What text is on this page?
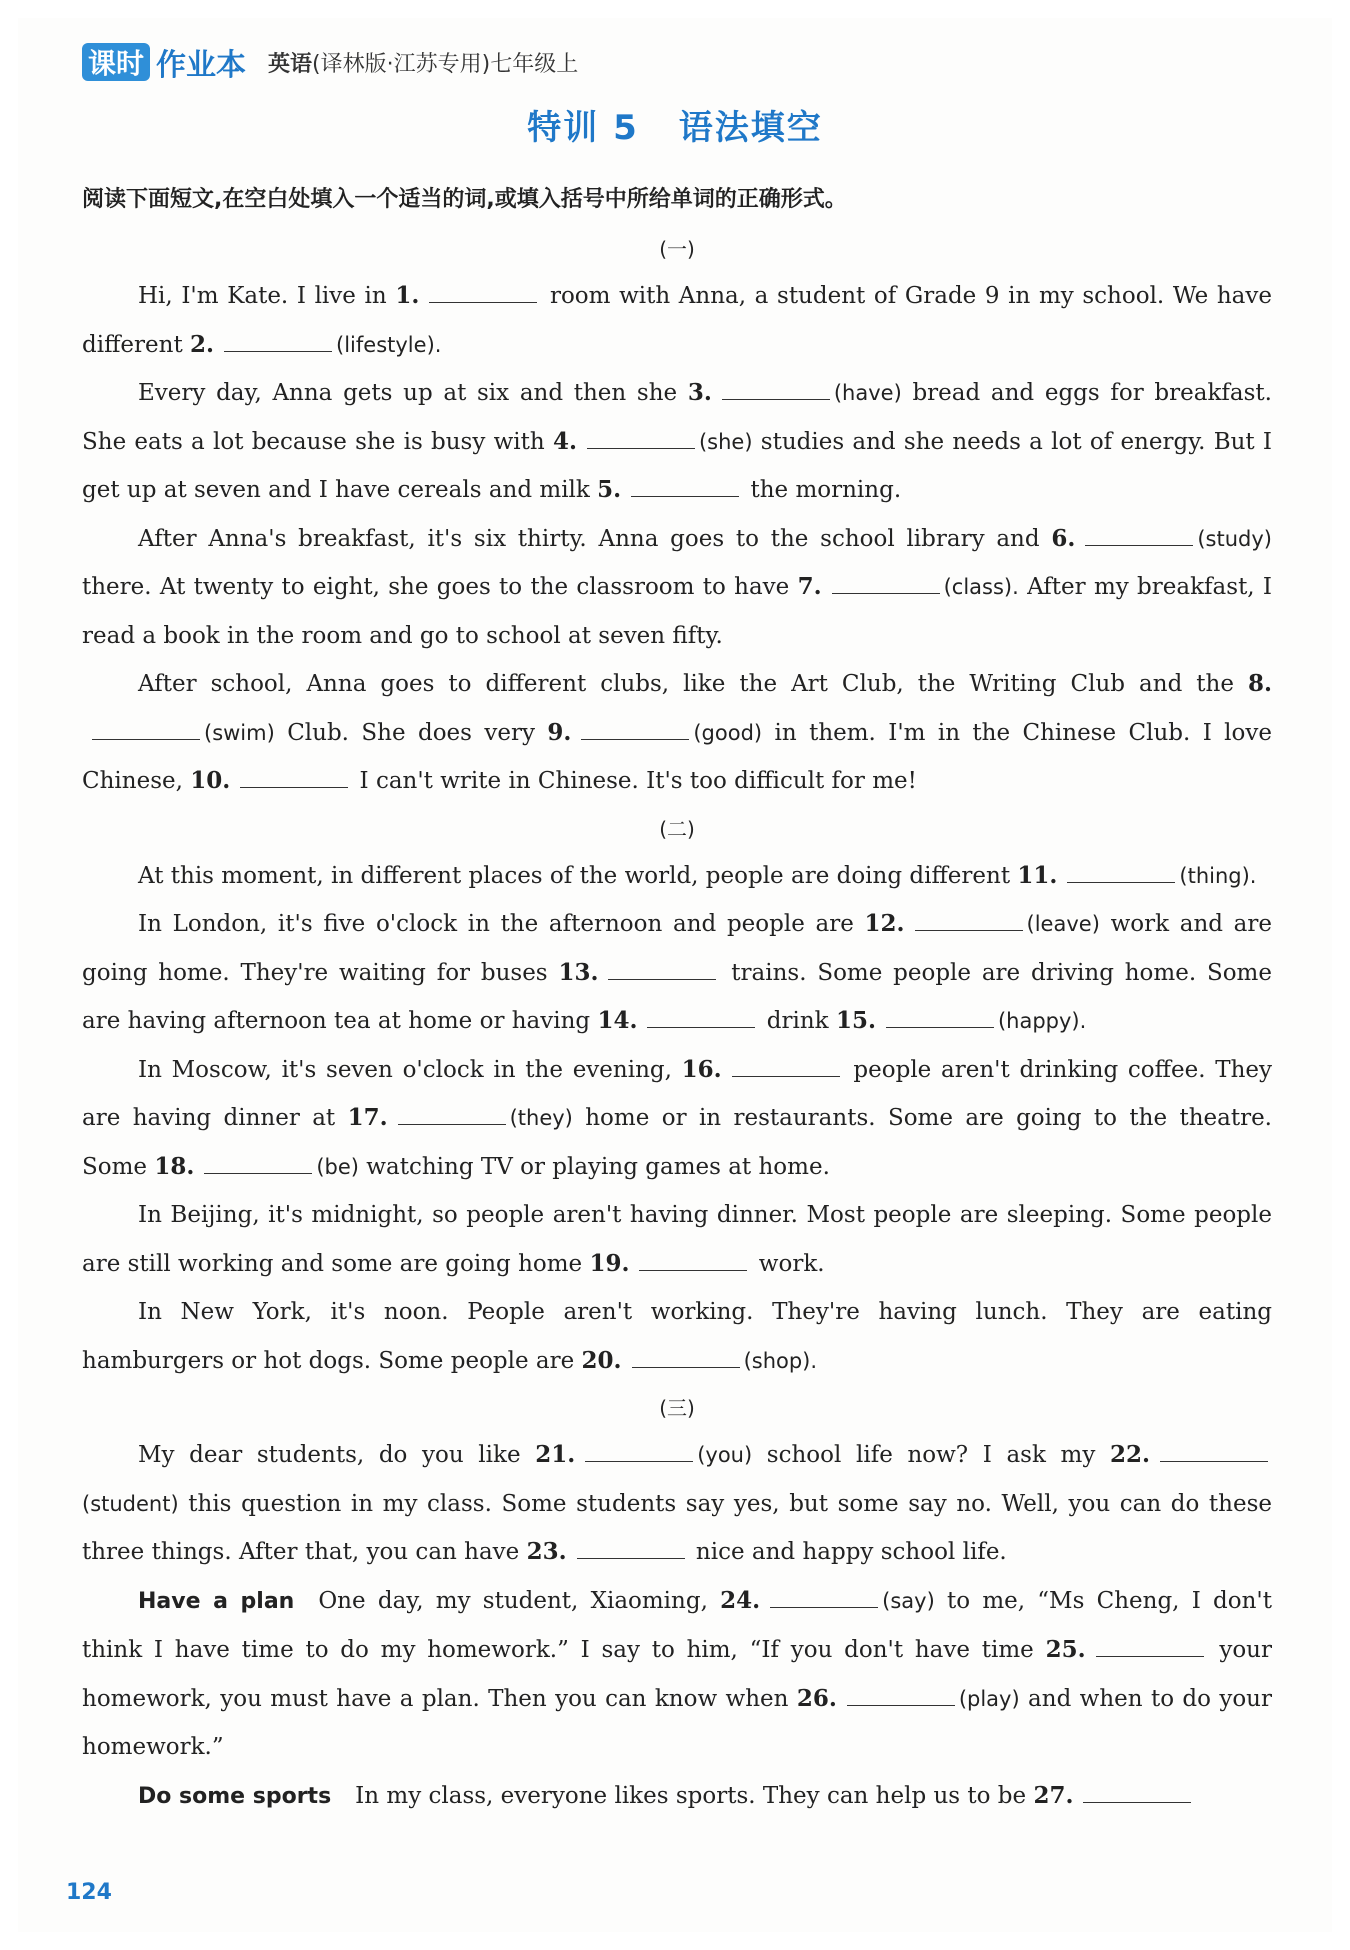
课时 作业本 英语(译林版·江苏专用)七年级上
特训 5 语法填空
阅读下面短文,在空白处填入一个适当的词,或填入括号中所给单词的正确形式。
(一)

Hi, I'm Kate. I live in 1.	room with Anna, a student of Grade 9 in my school. We have different 2.	(lifestyle).

Every day, Anna gets up at six and then she 3.	(have) bread and eggs for breakfast. She eats a lot because she is busy with 4.	(she) studies and she needs a lot of energy. But I get up at seven and I have cereals and milk 5.	the morning.

After Anna's breakfast, it's six thirty. Anna goes to the school library and 6.	(study) there. At twenty to eight, she goes to the classroom to have 7.	(class). After my breakfast, I read a book in the room and go to school at seven fifty.

After school, Anna goes to different clubs, like the Art Club, the Writing Club and the 8.(swim) Club. She does very 9.	(good) in them. I'm in the Chinese Club. I love Chinese, 10.	I can't write in Chinese. It's too difficult for me!

(二)

At this moment, in different places of the world, people are doing different 11.	(thing).

In London, it's five o'clock in the afternoon and people are 12.	(leave) work and are going home. They're waiting for buses 13.	trains. Some people are driving home. Some are having afternoon tea at home or having 14.	drink 15.	(happy).

In Moscow, it's seven o'clock in the evening, 16.	people aren't drinking coffee. They are having dinner at 17.	(they) home or in restaurants. Some are going to the theatre. Some 18.	(be) watching TV or playing games at home.

In Beijing, it's midnight, so people aren't having dinner. Most people are sleeping. Some people are still working and some are going home 19.	work.

In New York, it's noon. People aren't working. They're having lunch. They are eating hamburgers or hot dogs. Some people are 20.	(shop).

(三)

My dear students, do you like 21.	(you) school life now? I ask my 22.(student) this question in my class. Some students say yes, but some say no. Well, you can do these three things. After that, you can have 23.	nice and happy school life.

Have a plan One day, my student, Xiaoming, 24.	(say) to me, “Ms Cheng, I don't think I have time to do my homework.” I say to him, “If you don't have time 25.	your homework, you must have a plan. Then you can know when 26.	(play) and when to do your homework.”

Do some sports In my class, everyone likes sports. They can help us to be 27.

124
